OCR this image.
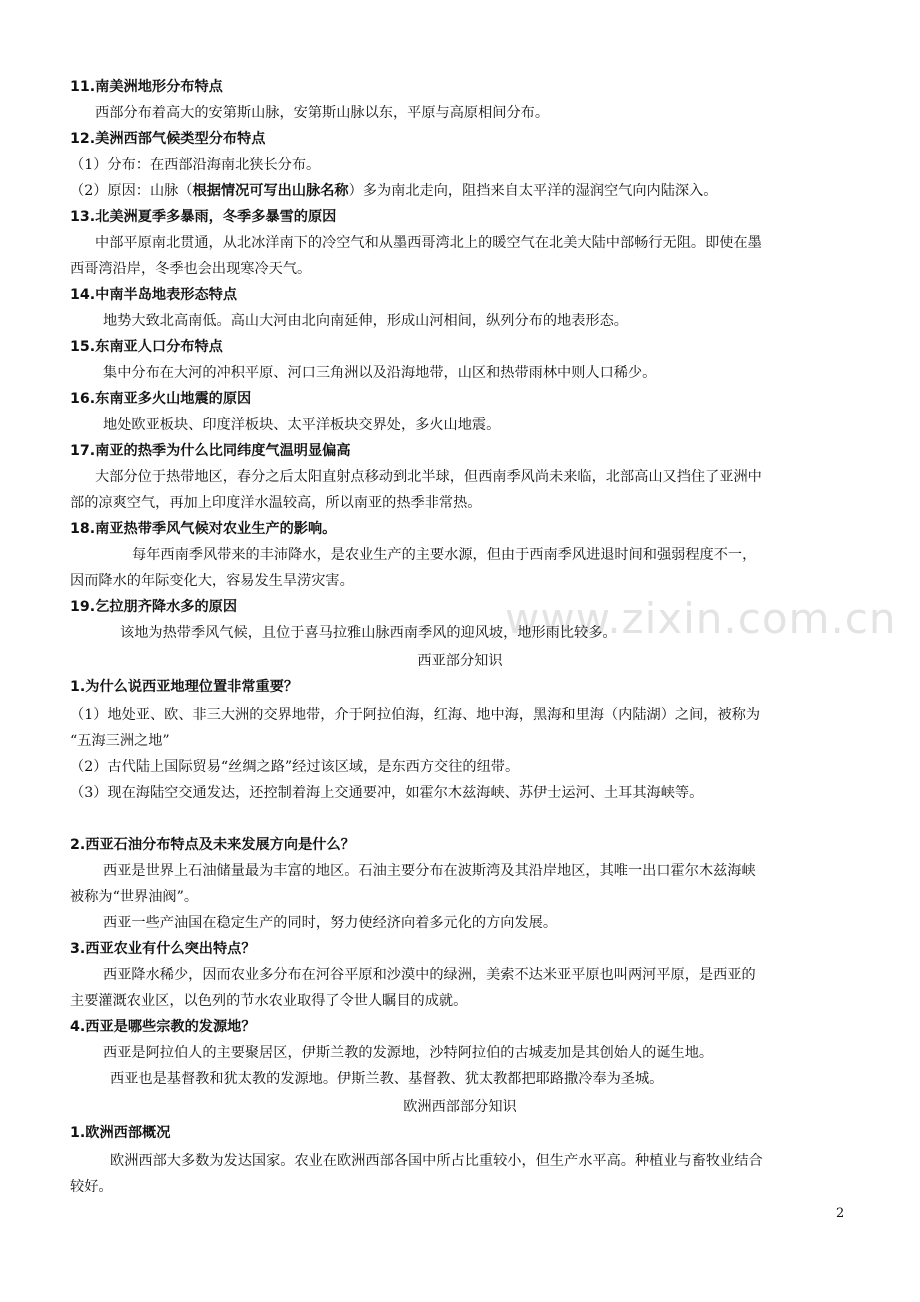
www.zixin.com.cn
11.南美洲地形分布特点
西部分布着高大的安第斯山脉，安第斯山脉以东，平原与高原相间分布。
12.美洲西部气候类型分布特点
（1）分布：在西部沿海南北狭长分布。
（2）原因：山脉（根据情况可写出山脉名称）多为南北走向，阻挡来自太平洋的湿润空气向内陆深入。
13.北美洲夏季多暴雨，冬季多暴雪的原因
中部平原南北贯通，从北冰洋南下的冷空气和从墨西哥湾北上的暖空气在北美大陆中部畅行无阻。即使在墨
西哥湾沿岸，冬季也会出现寒冷天气。
14.中南半岛地表形态特点
地势大致北高南低。高山大河由北向南延伸，形成山河相间，纵列分布的地表形态。
15.东南亚人口分布特点
集中分布在大河的冲积平原、河口三角洲以及沿海地带，山区和热带雨林中则人口稀少。
16.东南亚多火山地震的原因
地处欧亚板块、印度洋板块、太平洋板块交界处，多火山地震。
17.南亚的热季为什么比同纬度气温明显偏高
大部分位于热带地区，春分之后太阳直射点移动到北半球，但西南季风尚未来临，北部高山又挡住了亚洲中
部的凉爽空气，再加上印度洋水温较高，所以南亚的热季非常热。
18.南亚热带季风气候对农业生产的影响。
每年西南季风带来的丰沛降水，是农业生产的主要水源，但由于西南季风进退时间和强弱程度不一，
因而降水的年际变化大，容易发生旱涝灾害。
19.乞拉朋齐降水多的原因
该地为热带季风气候，且位于喜马拉雅山脉西南季风的迎风坡，地形雨比较多。
西亚部分知识
1.为什么说西亚地理位置非常重要？
（1）地处亚、欧、非三大洲的交界地带，介于阿拉伯海，红海、地中海，黑海和里海（内陆湖）之间，被称为
“五海三洲之地”
（2）古代陆上国际贸易“丝绸之路”经过该区域，是东西方交往的纽带。
（3）现在海陆空交通发达，还控制着海上交通要冲，如霍尔木兹海峡、苏伊士运河、土耳其海峡等。
2.西亚石油分布特点及未来发展方向是什么？
西亚是世界上石油储量最为丰富的地区。石油主要分布在波斯湾及其沿岸地区，其唯一出口霍尔木兹海峡
被称为“世界油阀”。
西亚一些产油国在稳定生产的同时，努力使经济向着多元化的方向发展。
3.西亚农业有什么突出特点？
西亚降水稀少，因而农业多分布在河谷平原和沙漠中的绿洲，美索不达米亚平原也叫两河平原，是西亚的
主要灌溉农业区，以色列的节水农业取得了令世人瞩目的成就。
4.西亚是哪些宗教的发源地？
西亚是阿拉伯人的主要聚居区，伊斯兰教的发源地，沙特阿拉伯的古城麦加是其创始人的诞生地。
西亚也是基督教和犹太教的发源地。伊斯兰教、基督教、犹太教都把耶路撒冷奉为圣城。
欧洲西部部分知识
1.欧洲西部概况
欧洲西部大多数为发达国家。农业在欧洲西部各国中所占比重较小，但生产水平高。种植业与畜牧业结合
较好。
2
